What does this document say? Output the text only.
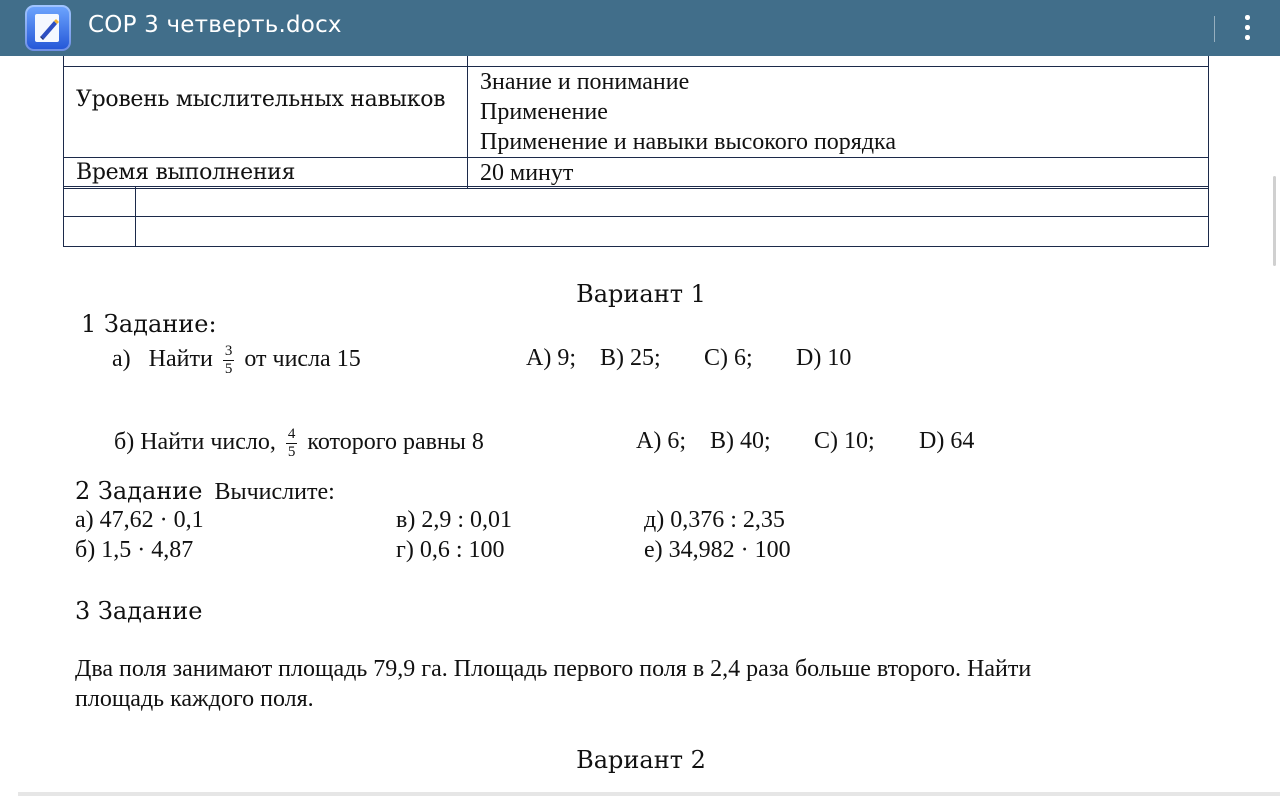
СОР 3 четверть.docx

Уровень мыслительных навыков	Знание и понимание
Применение
Применение и навыки высокого порядка

Время выполнения	20 минут

Вариант 1
1 Задание:
а) Найти $\frac{3}{5}$ от числа 15	A) 9; B) 25; C) 6; D) 10
б) Найти число, $\frac{4}{5}$ которого равны 8	A) 6; B) 40; C) 10; D) 64
2 Задание Вычислите:
а) 47,62 · 0,1	в) 2,9 : 0,01	д) 0,376 : 2,35
б) 1,5 · 4,87	г) 0,6 : 100	е) 34,982 · 100
3 Задание
Два поля занимают площадь 79,9 га. Площадь первого поля в 2,4 раза больше второго. Найти
площадь каждого поля.
Вариант 2
